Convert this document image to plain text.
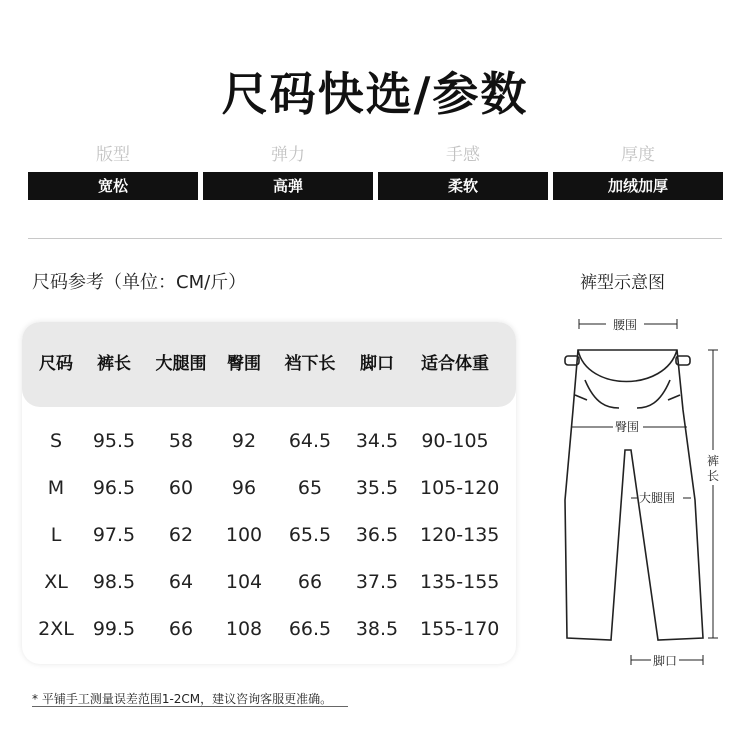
尺码快选/参数
版型
宽松
弹力
高弹
手感
柔软
厚度
加绒加厚
尺码参考（单位：CM/斤）	裤型示意图
尺码	裤长	大腿围	臀围	裆下长	脚口	适合体重
S	95.5	58	92	64.5	34.5	90-105
M	96.5	60	96	65	35.5	105-120
L	97.5	62	100	65.5	36.5	120-135
XL	98.5	64	104	66	37.5	135-155
2XL	99.5	66	108	66.5	38.5	155-170
腰围
臀围
裤
长
大腿围
脚口
* 平铺手工测量误差范围1-2CM，建议咨询客服更准确。
